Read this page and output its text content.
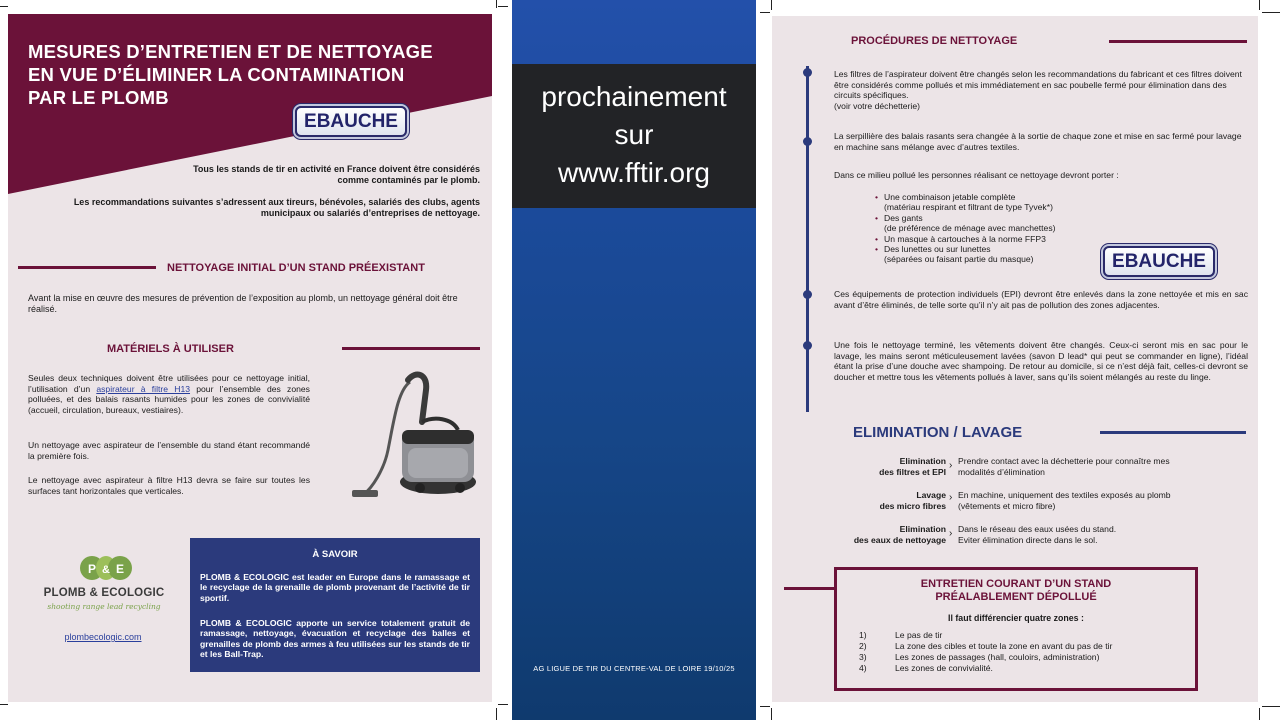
MESURES D’ENTRETIEN ET DE NETTOYAGE
EN VUE D’ÉLIMINER LA CONTAMINATION
PAR LE PLOMB
EBAUCHE
Tous les stands de tir en activité en France doivent être considérés comme contaminés par le plomb.
Les recommandations suivantes s’adressent aux tireurs, bénévoles, salariés des clubs, agents municipaux ou salariés d’entreprises de nettoyage.
NETTOYAGE INITIAL D’UN STAND PRÉEXISTANT
Avant la mise en œuvre des mesures de prévention de l’exposition au plomb, un nettoyage général doit être réalisé.
MATÉRIELS À UTILISER
Seules deux techniques doivent être utilisées pour ce nettoyage initial, l’utilisation d’un aspirateur à filtre H13 pour l’ensemble des zones polluées, et des balais rasants humides pour les zones de convivialité (accueil, circulation, bureaux, vestiaires).
Un nettoyage avec aspirateur de l’ensemble du stand étant recommandé la première fois.
Le nettoyage avec aspirateur à filtre H13 devra se faire sur toutes les surfaces tant horizontales que verticales.
P & E
PLOMB & ECOLOGIC
shooting range lead recycling
plombecologic.com
À SAVOIR
PLOMB & ECOLOGIC est leader en Europe dans le ramassage et le recyclage de la grenaille de plomb provenant de l’activité de tir sportif.
PLOMB & ECOLOGIC apporte un service totalement gratuit de ramassage, nettoyage, évacuation et recyclage des balles et grenailles de plomb des armes à feu utilisées sur les stands de tir et les Ball-Trap.
prochainement
sur
www.fftir.org
AG LIGUE DE TIR DU CENTRE-VAL DE LOIRE 19/10/25
PROCÉDURES DE NETTOYAGE
Les filtres de l’aspirateur doivent être changés selon les recommandations du fabricant et ces filtres doivent être considérés comme pollués et mis immédiatement en sac poubelle fermé pour élimination dans des circuits spécifiques.
(voir votre déchetterie)
La serpillière des balais rasants sera changée à la sortie de chaque zone et mise en sac fermé pour lavage en machine sans mélange avec d’autres textiles.
Dans ce milieu pollué les personnes réalisant ce nettoyage devront porter :
• Une combinaison jetable complète
(matériau respirant et filtrant de type Tyvek*)
• Des gants
(de préférence de ménage avec manchettes)
• Un masque à cartouches à la norme FFP3
• Des lunettes ou sur lunettes
(séparées ou faisant partie du masque)	EBAUCHE
Ces équipements de protection individuels (EPI) devront être enlevés dans la zone nettoyée et mis en sac avant d’être éliminés, de telle sorte qu’il n’y ait pas de pollution des zones adjacentes.
Une fois le nettoyage terminé, les vêtements doivent être changés. Ceux-ci seront mis en sac pour le lavage, les mains seront méticuleusement lavées (savon D lead* qui peut se commander en ligne), l’idéal étant la prise d’une douche avec shampoing. De retour au domicile, si ce n’est déjà fait, celles-ci devront se doucher et mettre tous les vêtements pollués à laver, sans qu’ils soient mélangés au reste du linge.
ELIMINATION / LAVAGE
Elimination
des filtres et EPI
› Prendre contact avec la déchetterie pour connaître mes
modalités d’élimination
Lavage
des micro fibres
› En machine, uniquement des textiles exposés au plomb
(vêtements et micro fibre)
Elimination
des eaux de nettoyage
› Dans le réseau des eaux usées du stand.
Eviter élimination directe dans le sol.
ENTRETIEN COURANT D’UN STAND
PRÉALABLEMENT DÉPOLLUÉ
Il faut différencier quatre zones :
1)	Le pas de tir
2)	La zone des cibles et toute la zone en avant du pas de tir
3)	Les zones de passages (hall, couloirs, administration)
4)	Les zones de convivialité.
